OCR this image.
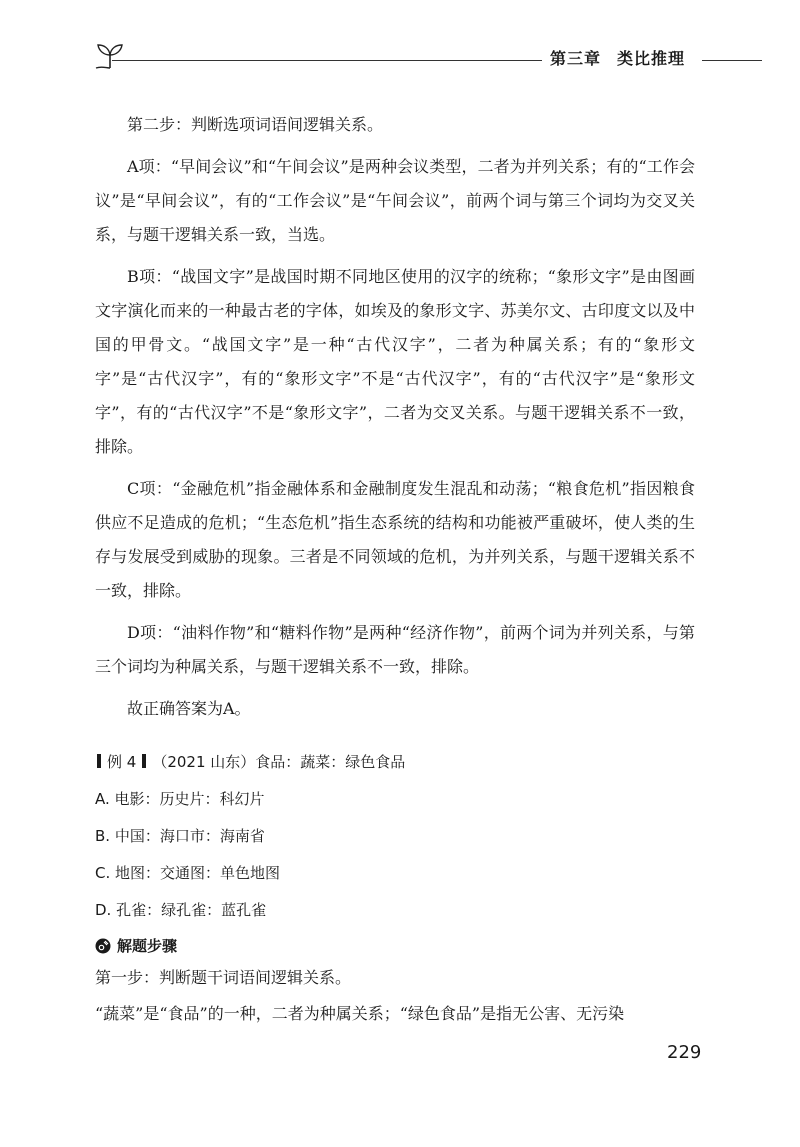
第三章 类比推理

第二步：判断选项词语间逻辑关系。

A项：“早间会议”和“午间会议”是两种会议类型，二者为并列关系；有的“工作会议”是“早间会议”，有的“工作会议”是“午间会议”，前两个词与第三个词均为交叉关系，与题干逻辑关系一致，当选。

B项：“战国文字”是战国时期不同地区使用的汉字的统称；“象形文字”是由图画文字演化而来的一种最古老的字体，如埃及的象形文字、苏美尔文、古印度文以及中国的甲骨文。“战国文字”是一种“古代汉字”，二者为种属关系；有的“象形文字”是“古代汉字”，有的“象形文字”不是“古代汉字”，有的“古代汉字”是“象形文字”，有的“古代汉字”不是“象形文字”，二者为交叉关系。与题干逻辑关系不一致，排除。

C项：“金融危机”指金融体系和金融制度发生混乱和动荡；“粮食危机”指因粮食供应不足造成的危机；“生态危机”指生态系统的结构和功能被严重破坏，使人类的生存与发展受到威胁的现象。三者是不同领域的危机，为并列关系，与题干逻辑关系不一致，排除。

D项：“油料作物”和“糖料作物”是两种“经济作物”，前两个词为并列关系，与第三个词均为种属关系，与题干逻辑关系不一致，排除。

故正确答案为A。

例 4 （2021 山东）食品：蔬菜：绿色食品
A. 电影：历史片：科幻片
B. 中国：海口市：海南省
C. 地图：交通图：单色地图
D. 孔雀：绿孔雀：蓝孔雀
解题步骤

第一步：判断题干词语间逻辑关系。

“蔬菜”是“食品”的一种，二者为种属关系；“绿色食品”是指无公害、无污染

229
